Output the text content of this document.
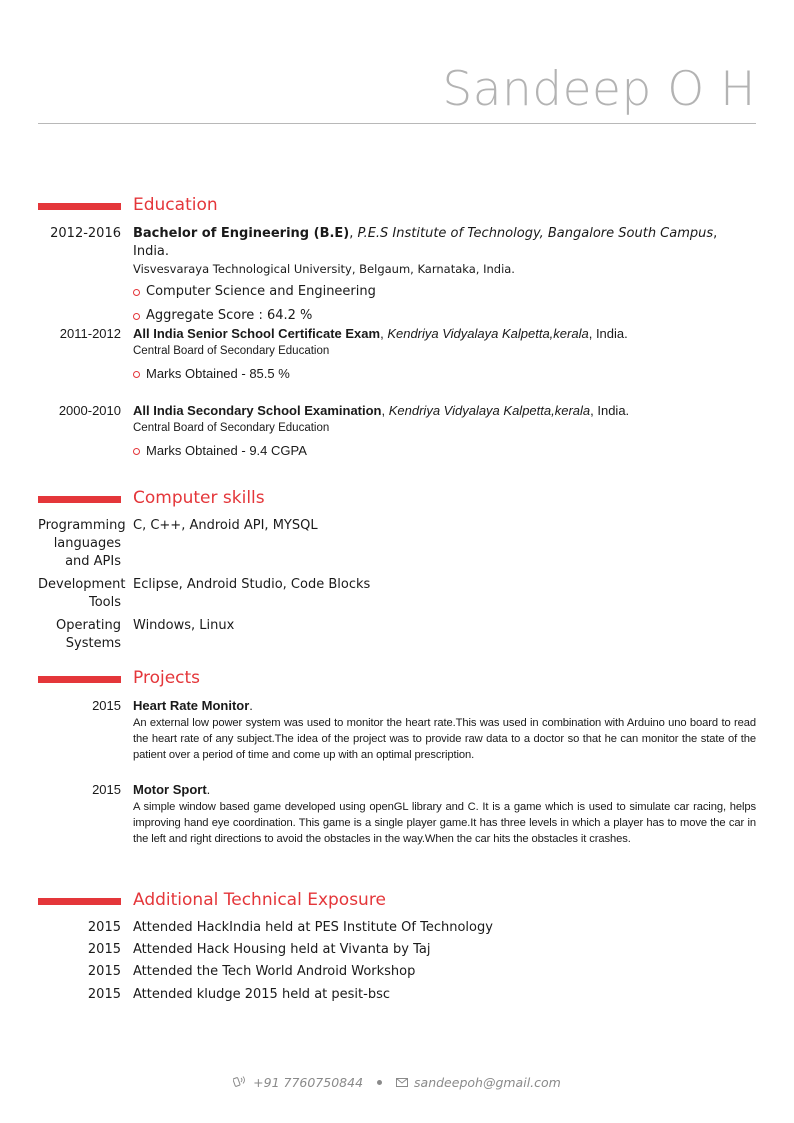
Sandeep O H
Education
2012-2016 Bachelor of Engineering (B.E), P.E.S Institute of Technology, Bangalore South Campus, India.
Visvesvaraya Technological University, Belgaum, Karnataka, India.
Computer Science and Engineering
Aggregate Score : 64.2 %
2011-2012 All India Senior School Certificate Exam, Kendriya Vidyalaya Kalpetta,kerala, India.
Central Board of Secondary Education
Marks Obtained - 85.5 %
2000-2010 All India Secondary School Examination, Kendriya Vidyalaya Kalpetta,kerala, India.
Central Board of Secondary Education
Marks Obtained - 9.4 CGPA
Computer skills
Programming
languages
and APIs
C, C++, Android API, MYSQL
Development
Tools
Eclipse, Android Studio, Code Blocks
Operating
Systems
Windows, Linux
Projects
2015 Heart Rate Monitor.
An external low power system was used to monitor the heart rate.This was used in combination with Arduino uno board to read the heart rate of any subject.The idea of the project was to provide raw data to a doctor so that he can monitor the state of the patient over a period of time and come up with an optimal prescription.
2015 Motor Sport.
A simple window based game developed using openGL library and C. It is a game which is used to simulate car racing, helps improving hand eye coordination. This game is a single player game.It has three levels in which a player has to move the car in the left and right directions to avoid the obstacles in the way.When the car hits the obstacles it crashes.
Additional Technical Exposure
2015 Attended HackIndia held at PES Institute Of Technology
2015 Attended Hack Housing held at Vivanta by Taj
2015 Attended the Tech World Android Workshop
2015 Attended kludge 2015 held at pesit-bsc
+91 7760750844	sandeepoh@gmail.com
